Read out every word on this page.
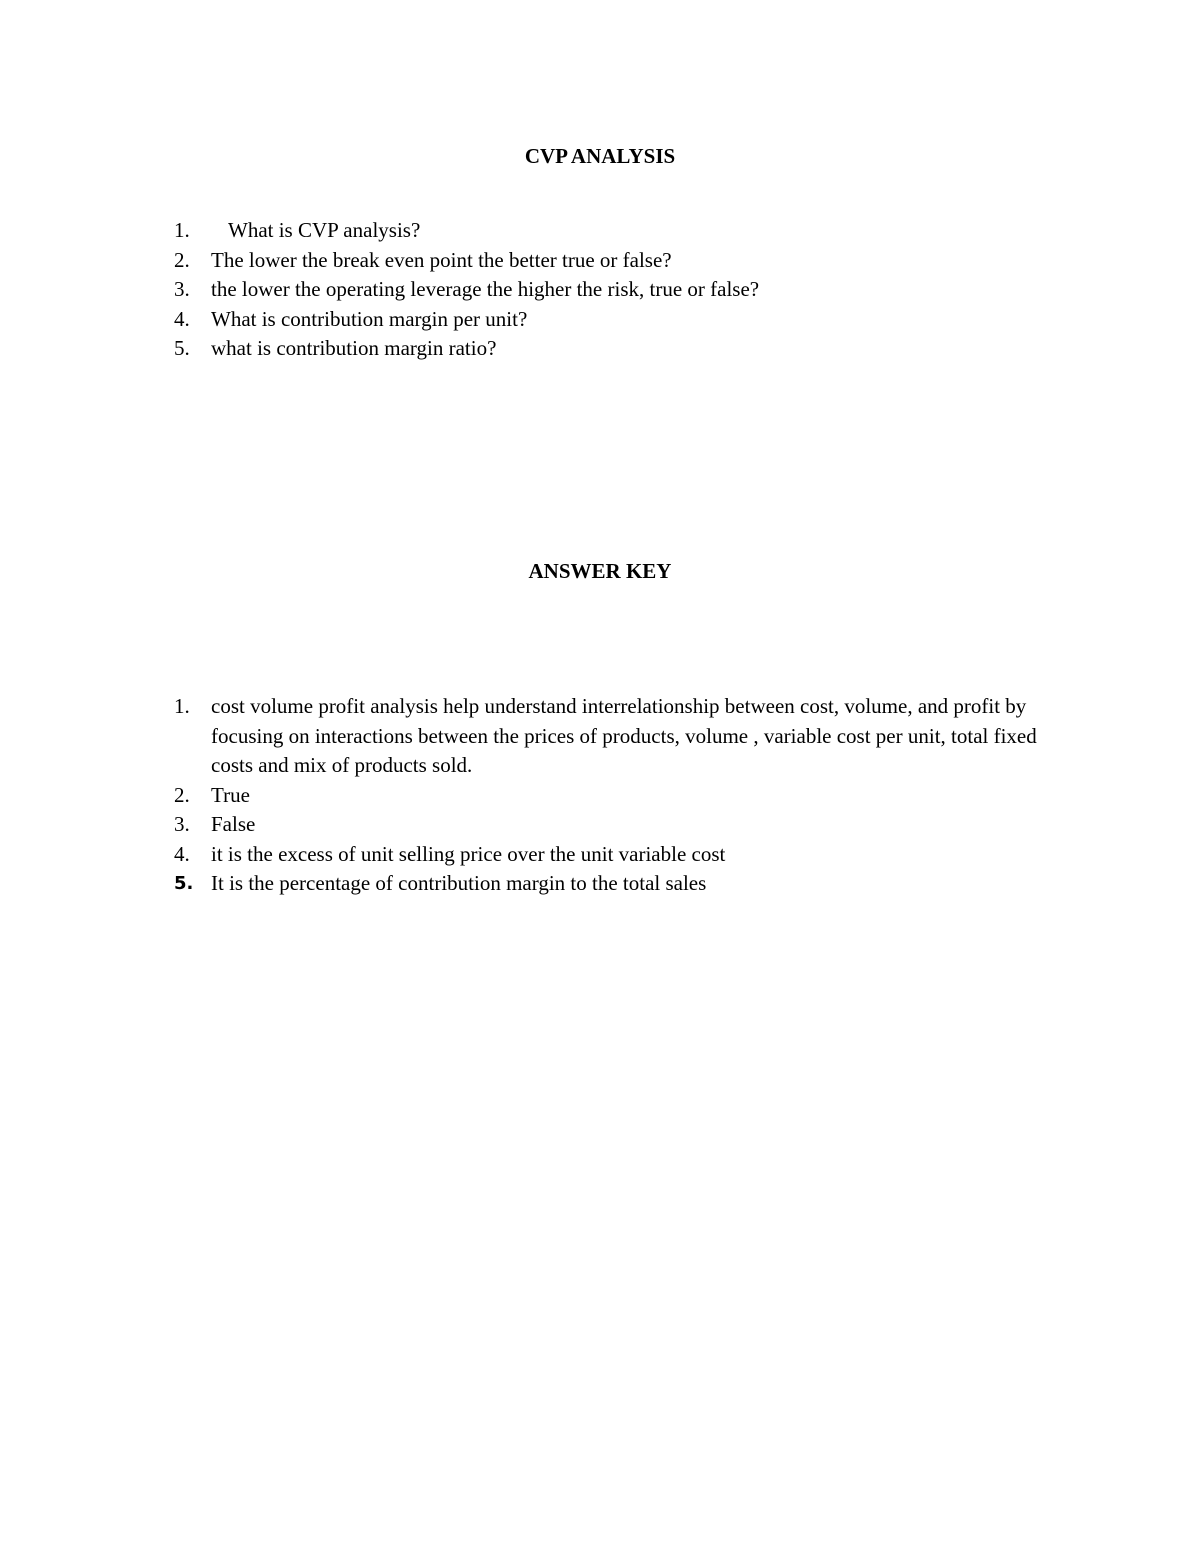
CVP ANALYSIS
1.	What is CVP analysis?
2.	The lower the break even point the better true or false?
3.	the lower the operating leverage the higher the risk, true or false?
4.	What is contribution margin per unit?
5.	what is contribution margin ratio?
ANSWER KEY
1.	cost volume profit analysis help understand interrelationship between cost, volume, and profit by focusing on interactions between the prices of products, volume , variable cost per unit, total fixed costs and mix of products sold.
2.	True
3.	False
4.	it is the excess of unit selling price over the unit variable cost
5. It is the percentage of contribution margin to the total sales
